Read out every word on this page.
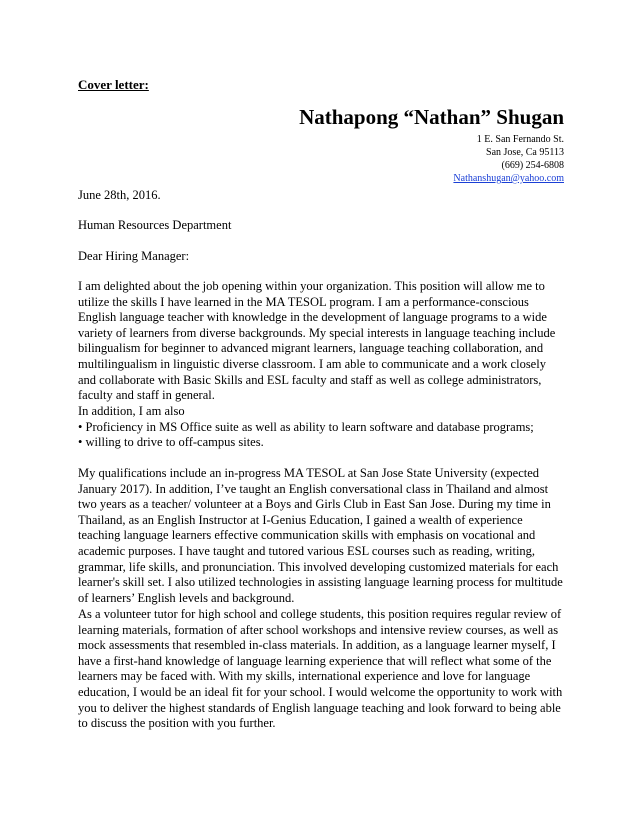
Cover letter:
Nathapong “Nathan” Shugan
1 E. San Fernando St.
San Jose, Ca 95113
(669) 254-6808
Nathanshugan@yahoo.com
June 28th, 2016.
Human Resources Department
Dear Hiring Manager:
I am delighted about the job opening within your organization. This position will allow me to
utilize the skills I have learned in the MA TESOL program. I am a performance-conscious
English language teacher with knowledge in the development of language programs to a wide
variety of learners from diverse backgrounds. My special interests in language teaching include
bilingualism for beginner to advanced migrant learners, language teaching collaboration, and
multilingualism in linguistic diverse classroom. I am able to communicate and a work closely
and collaborate with Basic Skills and ESL faculty and staff as well as college administrators,
faculty and staff in general.
In addition, I am also
• Proficiency in MS Office suite as well as ability to learn software and database programs;
• willing to drive to off-campus sites.
My qualifications include an in-progress MA TESOL at San Jose State University (expected
January 2017). In addition, I’ve taught an English conversational class in Thailand and almost
two years as a teacher/ volunteer at a Boys and Girls Club in East San Jose. During my time in
Thailand, as an English Instructor at I-Genius Education, I gained a wealth of experience
teaching language learners effective communication skills with emphasis on vocational and
academic purposes. I have taught and tutored various ESL courses such as reading, writing,
grammar, life skills, and pronunciation. This involved developing customized materials for each
learner's skill set. I also utilized technologies in assisting language learning process for multitude
of learners’ English levels and background.
As a volunteer tutor for high school and college students, this position requires regular review of
learning materials, formation of after school workshops and intensive review courses, as well as
mock assessments that resembled in-class materials. In addition, as a language learner myself, I
have a first-hand knowledge of language learning experience that will reflect what some of the
learners may be faced with. With my skills, international experience and love for language
education, I would be an ideal fit for your school. I would welcome the opportunity to work with
you to deliver the highest standards of English language teaching and look forward to being able
to discuss the position with you further.
